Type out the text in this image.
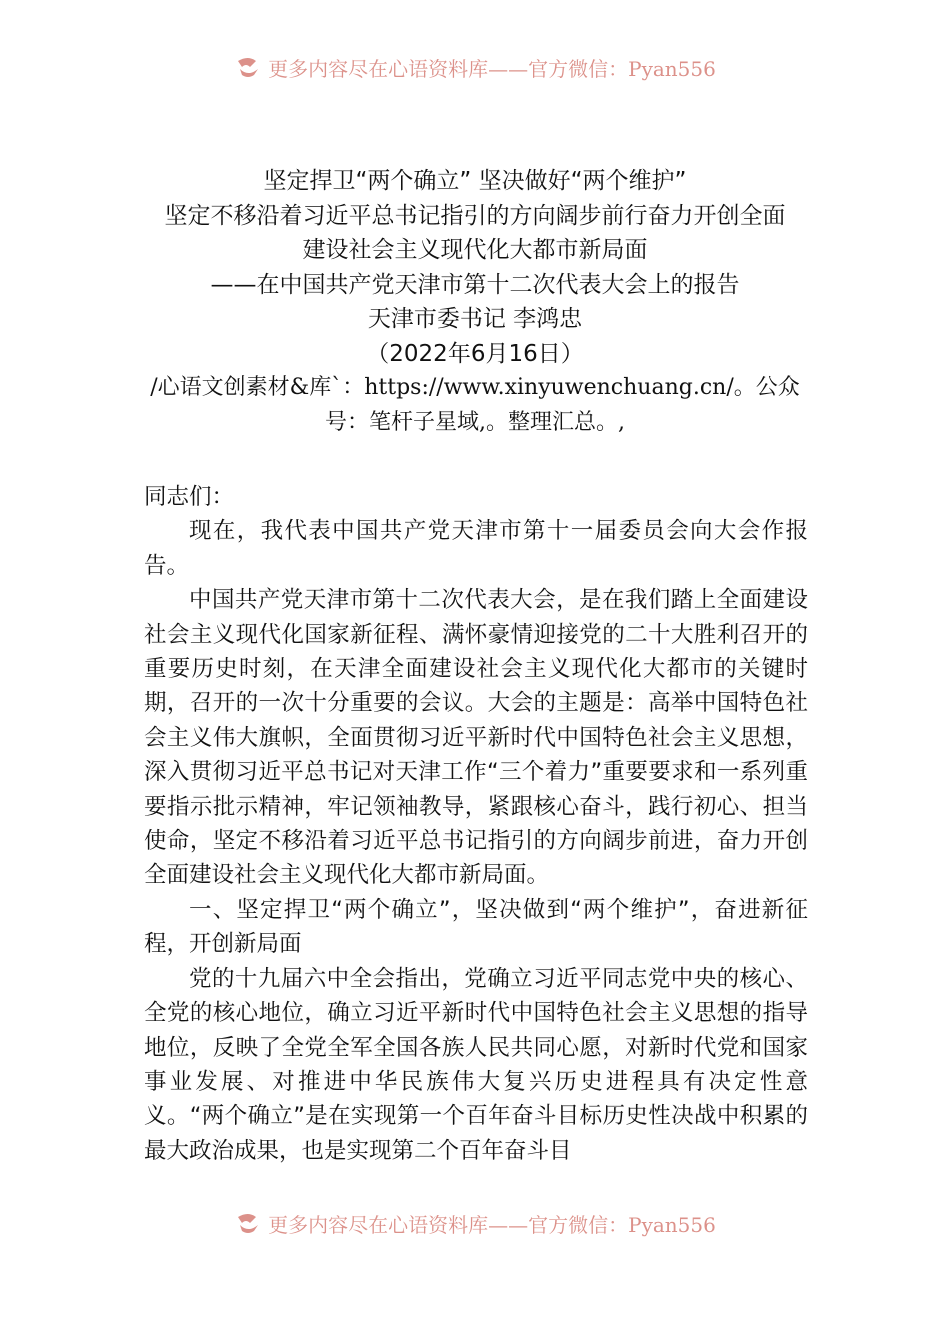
更多内容尽在心语资料库——官方微信：Pyan556
坚定捍卫“两个确立” 坚决做好“两个维护”
坚定不移沿着习近平总书记指引的方向阔步前行奋力开创全面
建设社会主义现代化大都市新局面
——在中国共产党天津市第十二次代表大会上的报告
天津市委书记 李鸿忠
（2022年6月16日）
/心语文创素材&库`：https://www.xinyuwenchuang.cn/。公众号：笔杆子星域,。整理汇总。,

同志们：

现在，我代表中国共产党天津市第十一届委员会向大会作报告。

中国共产党天津市第十二次代表大会，是在我们踏上全面建设社会主义现代化国家新征程、满怀豪情迎接党的二十大胜利召开的重要历史时刻，在天津全面建设社会主义现代化大都市的关键时期，召开的一次十分重要的会议。大会的主题是：高举中国特色社会主义伟大旗帜，全面贯彻习近平新时代中国特色社会主义思想，深入贯彻习近平总书记对天津工作“三个着力”重要要求和一系列重要指示批示精神，牢记领袖教导，紧跟核心奋斗，践行初心、担当使命，坚定不移沿着习近平总书记指引的方向阔步前进，奋力开创全面建设社会主义现代化大都市新局面。

一、坚定捍卫“两个确立”，坚决做到“两个维护”，奋进新征程，开创新局面

党的十九届六中全会指出，党确立习近平同志党中央的核心、全党的核心地位，确立习近平新时代中国特色社会主义思想的指导地位，反映了全党全军全国各族人民共同心愿，对新时代党和国家事业发展、对推进中华民族伟大复兴历史进程具有决定性意义。“两个确立”是在实现第一个百年奋斗目标历史性决战中积累的最大政治成果，也是实现第二个百年奋斗目

更多内容尽在心语资料库——官方微信：Pyan556
